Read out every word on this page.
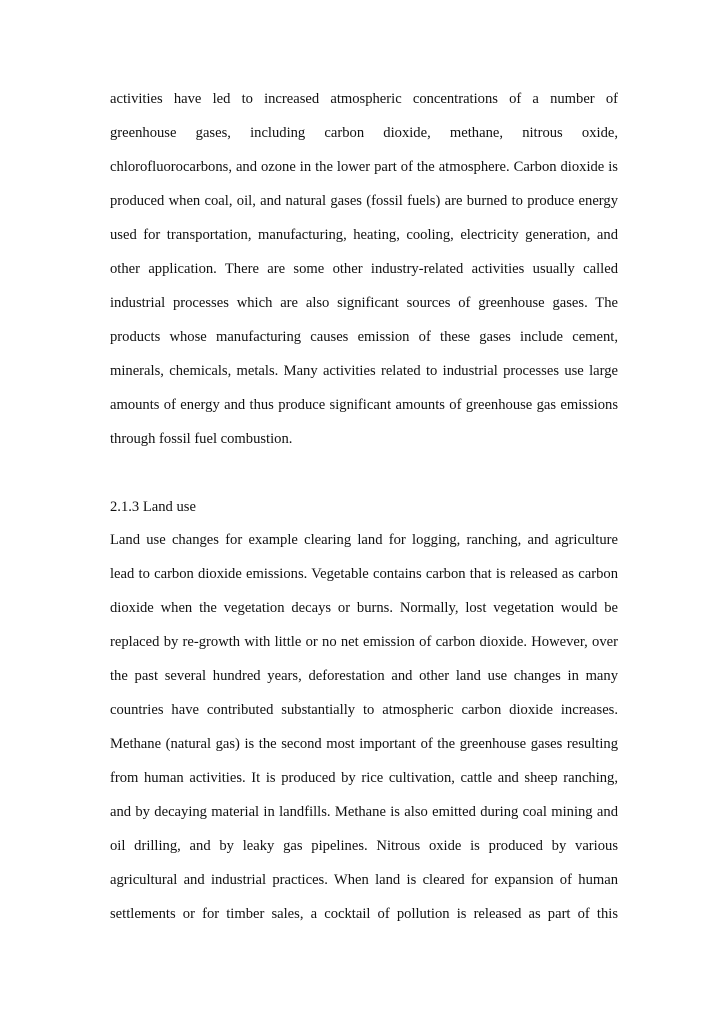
activities have led to increased atmospheric concentrations of a number of
greenhouse gases, including carbon dioxide, methane, nitrous oxide,
chlorofluorocarbons, and ozone in the lower part of the atmosphere. Carbon dioxide is
produced when coal, oil, and natural gases (fossil fuels) are burned to produce energy
used for transportation, manufacturing, heating, cooling, electricity generation, and
other application. There are some other industry-related activities usually called
industrial processes which are also significant sources of greenhouse gases. The
products whose manufacturing causes emission of these gases include cement,
minerals, chemicals, metals. Many activities related to industrial processes use large
amounts of energy and thus produce significant amounts of greenhouse gas emissions
through fossil fuel combustion.
2.1.3 Land use
Land use changes for example clearing land for logging, ranching, and agriculture
lead to carbon dioxide emissions. Vegetable contains carbon that is released as carbon
dioxide when the vegetation decays or burns. Normally, lost vegetation would be
replaced by re-growth with little or no net emission of carbon dioxide. However, over
the past several hundred years, deforestation and other land use changes in many
countries have contributed substantially to atmospheric carbon dioxide increases.
Methane (natural gas) is the second most important of the greenhouse gases resulting
from human activities. It is produced by rice cultivation, cattle and sheep ranching,
and by decaying material in landfills. Methane is also emitted during coal mining and
oil drilling, and by leaky gas pipelines. Nitrous oxide is produced by various
agricultural and industrial practices. When land is cleared for expansion of human
settlements or for timber sales, a cocktail of pollution is released as part of this
